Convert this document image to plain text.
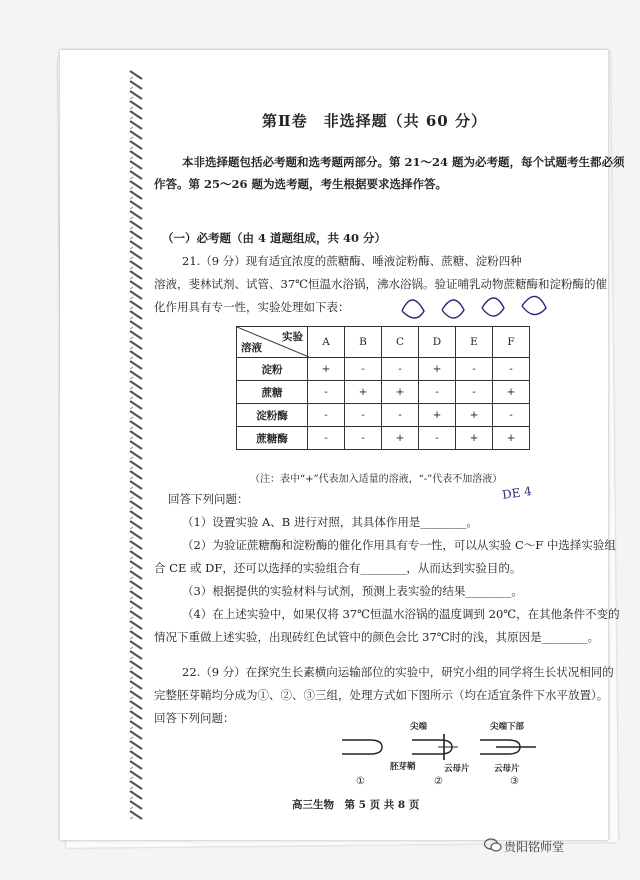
第Ⅱ卷　非选择题（共 60 分）
本非选择题包括必考题和选考题两部分。第 21～24 题为必考题，每个试题考生都必须
作答。第 25～26 题为选考题，考生根据要求选择作答。
（一）必考题（由 4 道题组成，共 40 分）
21.（9 分）现有适宜浓度的蔗糖酶、唾液淀粉酶、蔗糖、淀粉四种
溶液，斐林试剂、试管、37℃恒温水浴锅，沸水浴锅。验证哺乳动物蔗糖酶和淀粉酶的催
化作用具有专一性，实验处理如下表：
实验
溶液	A	B	C	D	E	F
淀粉	+	-	-	+	-	-
蔗糖	-	+	+	-	-	+
淀粉酶	-	-	-	+	+	-
蔗糖酶	-	-	+	-	+	+
（注：表中“+”代表加入适量的溶液，“-”代表不加溶液）
DE 4
回答下列问题：
（1）设置实验 A、B 进行对照，其具体作用是________。
（2）为验证蔗糖酶和淀粉酶的催化作用具有专一性，可以从实验 C～F 中选择实验组
合 CE 或 DF，还可以选择的实验组合有________，从而达到实验目的。
（3）根据提供的实验材料与试剂，预测上表实验的结果________。
（4）在上述实验中，如果仅将 37℃恒温水浴锅的温度调到 20℃，在其他条件不变的
情况下重做上述实验，出现砖红色试管中的颜色会比 37℃时的浅，其原因是________。
22.（9 分）在探究生长素横向运输部位的实验中，研究小组的同学将生长状况相同的
完整胚芽鞘均分成为①、②、③三组，处理方式如下图所示（均在适宜条件下水平放置）。
回答下列问题：
尖端	尖端下部
胚芽鞘	云母片	云母片
①	②	③
高三生物　第 5 页 共 8 页
贵阳铭师堂
